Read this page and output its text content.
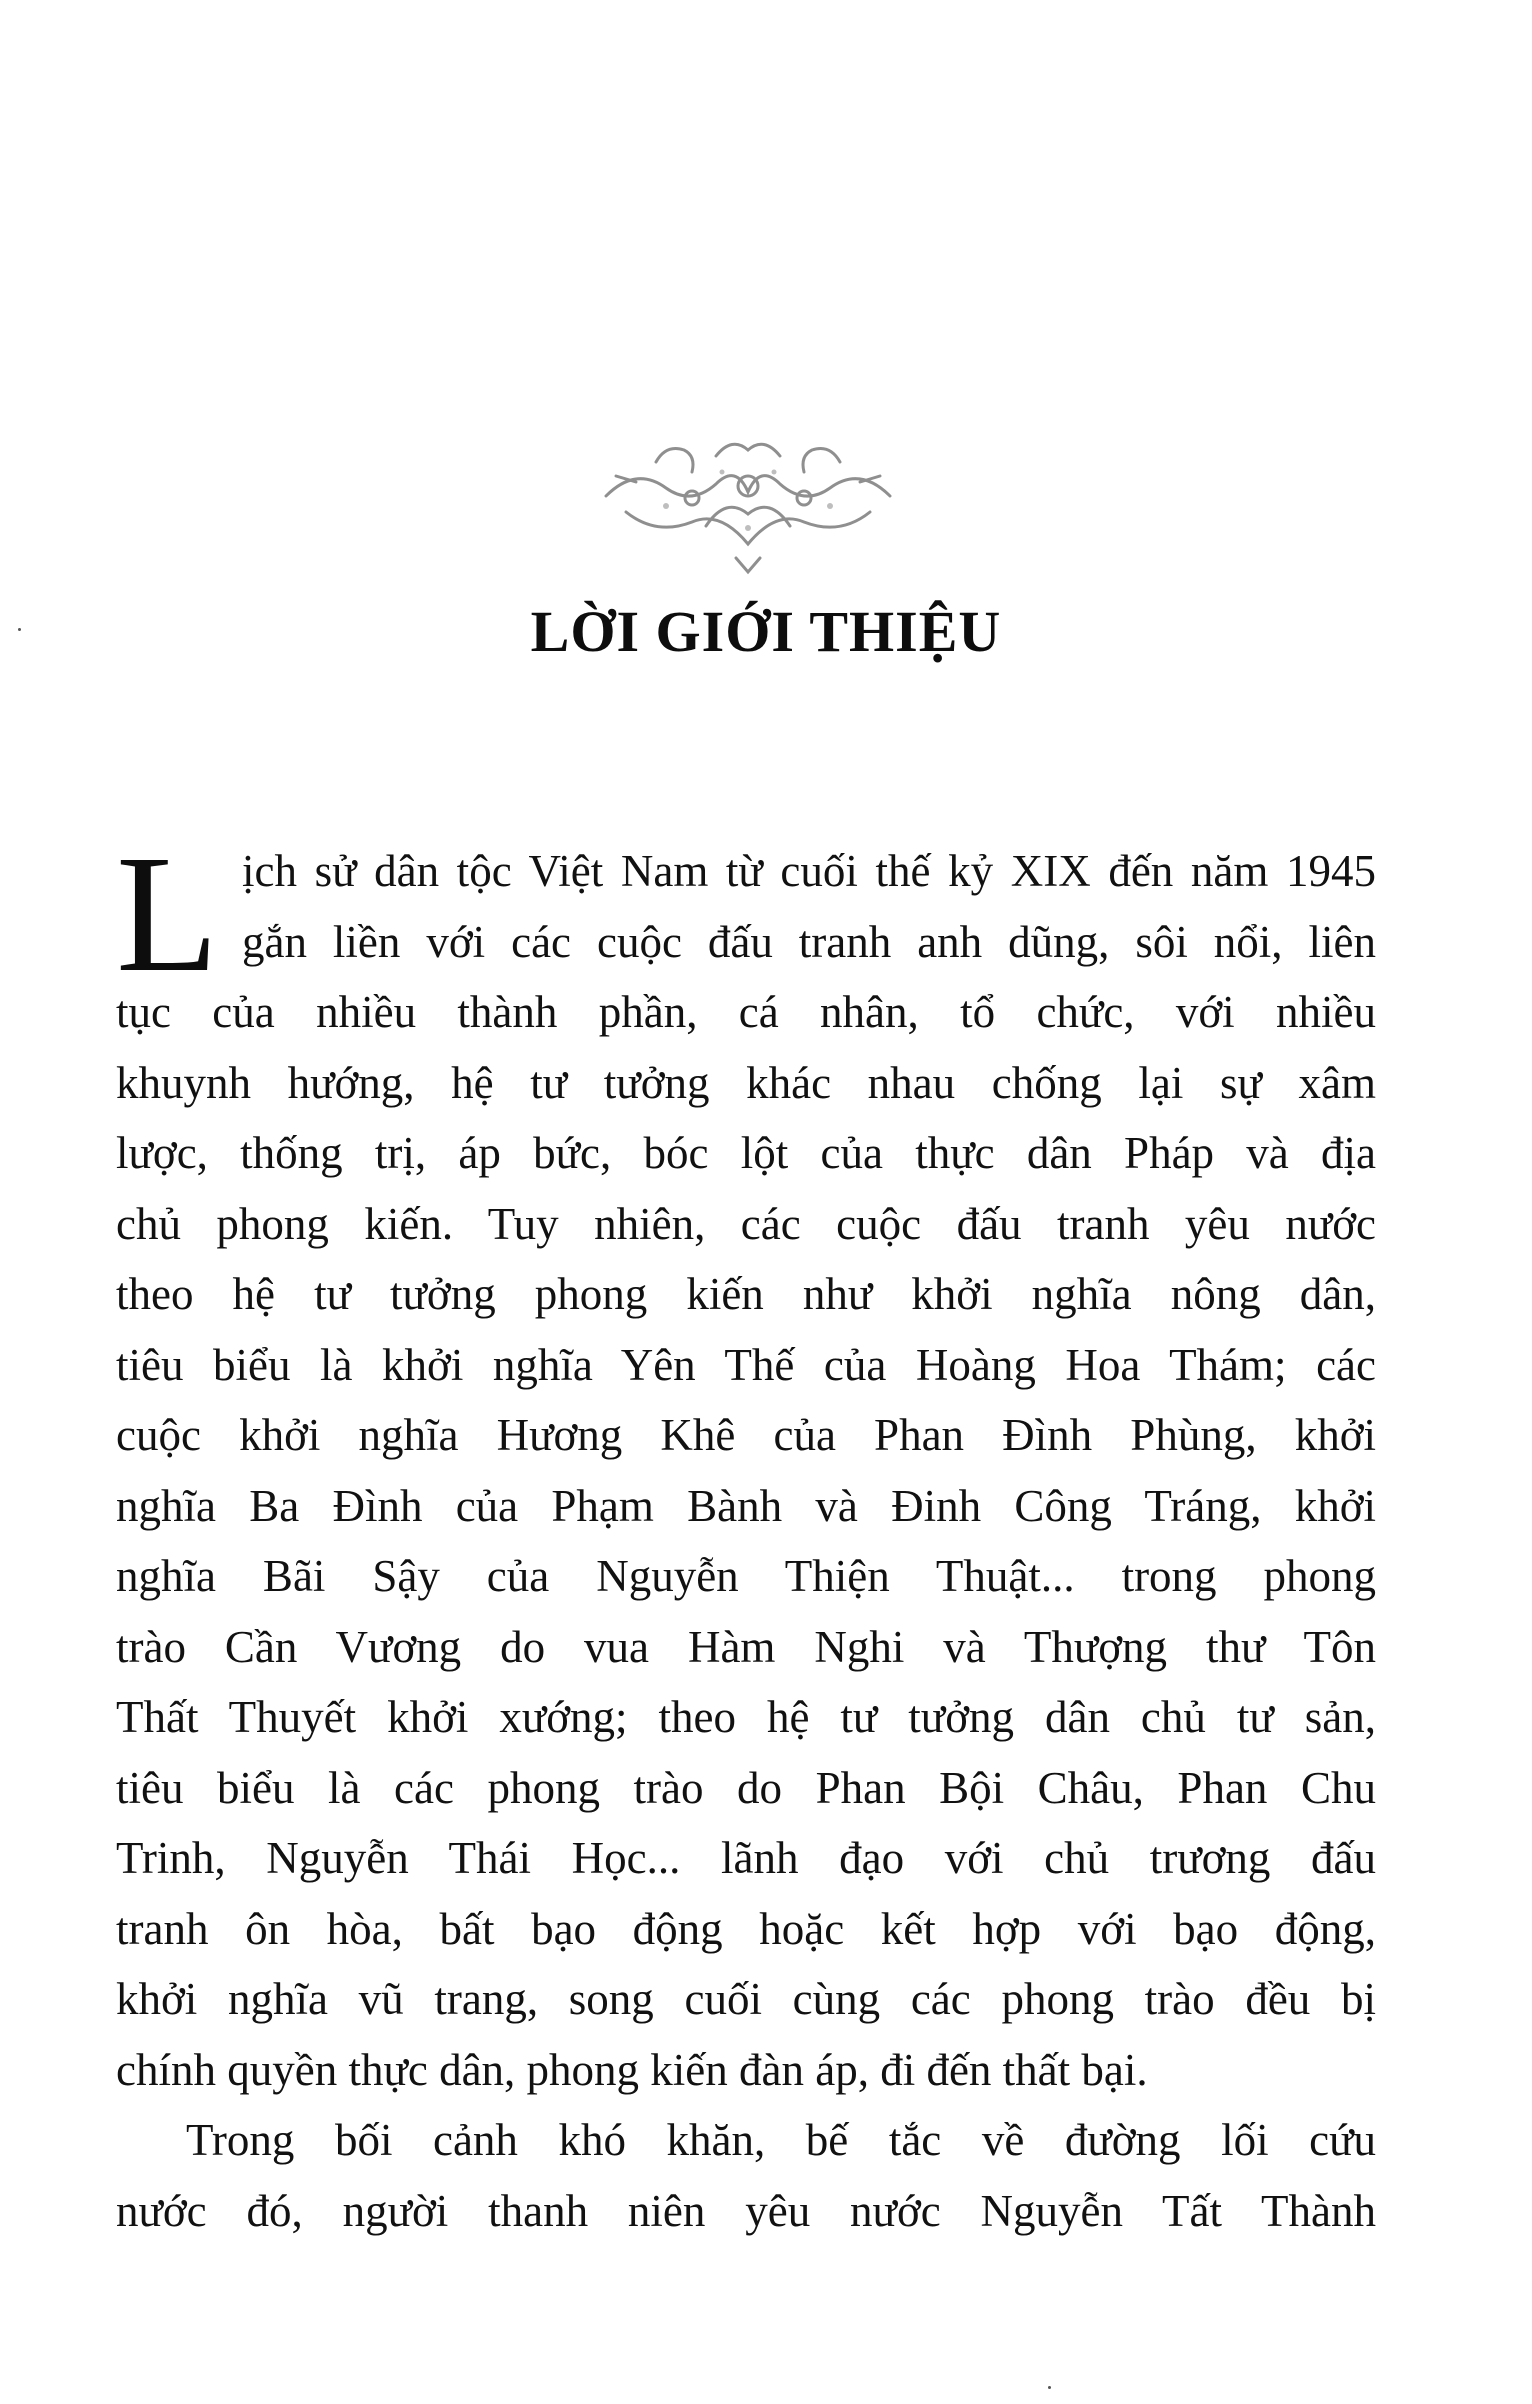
LỜI GIỚI THIỆU
L ịch sử dân tộc Việt Nam từ cuối thế kỷ XIX đến năm 1945
gắn liền với các cuộc đấu tranh anh dũng, sôi nổi, liên
tục của nhiều thành phần, cá nhân, tổ chức, với nhiều
khuynh hướng, hệ tư tưởng khác nhau chống lại sự xâm
lược, thống trị, áp bức, bóc lột của thực dân Pháp và địa
chủ phong kiến. Tuy nhiên, các cuộc đấu tranh yêu nước
theo hệ tư tưởng phong kiến như khởi nghĩa nông dân,
tiêu biểu là khởi nghĩa Yên Thế của Hoàng Hoa Thám; các
cuộc khởi nghĩa Hương Khê của Phan Đình Phùng, khởi
nghĩa Ba Đình của Phạm Bành và Đinh Công Tráng, khởi
nghĩa Bãi Sậy của Nguyễn Thiện Thuật... trong phong
trào Cần Vương do vua Hàm Nghi và Thượng thư Tôn
Thất Thuyết khởi xướng; theo hệ tư tưởng dân chủ tư sản,
tiêu biểu là các phong trào do Phan Bội Châu, Phan Chu
Trinh, Nguyễn Thái Học... lãnh đạo với chủ trương đấu
tranh ôn hòa, bất bạo động hoặc kết hợp với bạo động,
khởi nghĩa vũ trang, song cuối cùng các phong trào đều bị
chính quyền thực dân, phong kiến đàn áp, đi đến thất bại.
Trong bối cảnh khó khăn, bế tắc về đường lối cứu
nước đó, người thanh niên yêu nước Nguyễn Tất Thành
